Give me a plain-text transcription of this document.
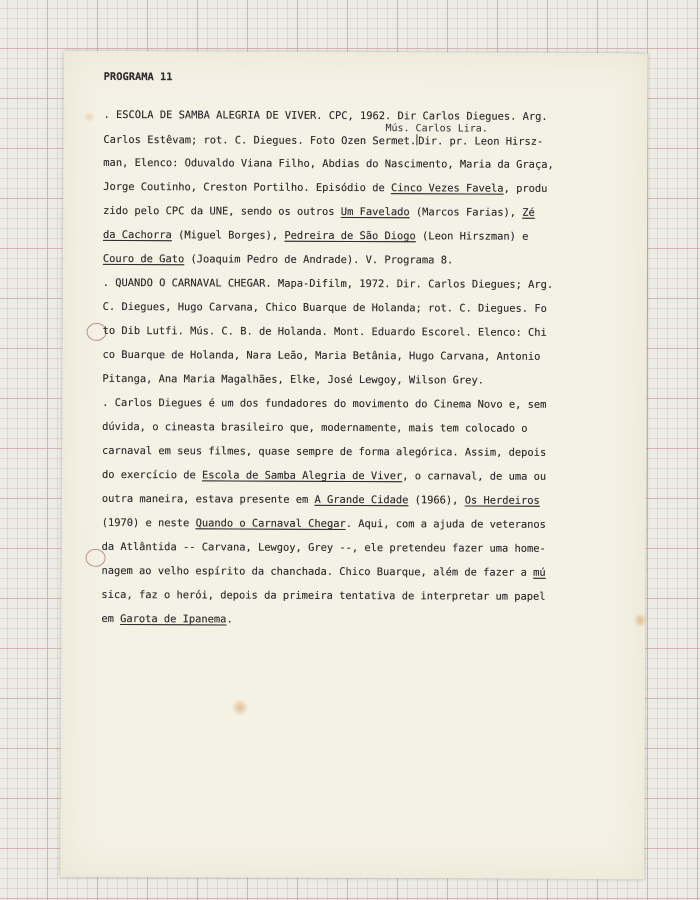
PROGRAMA 11
. ESCOLA DE SAMBA ALEGRIA DE VIVER. CPC, 1962. Dir Carlos Diegues. Arg.
Mús. Carlos Lira.
Carlos Estêvam; rot. C. Diegues. Foto Ozen Sermet. Dir. pr. Leon Hirsz-
man, Elenco: Oduvaldo Viana Filho, Abdias do Nascimento, Maria da Graça,
Jorge Coutinho, Creston Portilho. Episódio de Cinco Vezes Favela, produ
zido pelo CPC da UNE, sendo os outros Um Favelado (Marcos Farias), Zé
da Cachorra (Miguel Borges), Pedreira de São Diogo (Leon Hirszman) e
Couro de Gato (Joaquim Pedro de Andrade). V. Programa 8.
. QUANDO O CARNAVAL CHEGAR. Mapa-Difilm, 1972. Dir. Carlos Diegues; Arg.
C. Diegues, Hugo Carvana, Chico Buarque de Holanda; rot. C. Diegues. Fo
to Dib Lutfi. Mús. C. B. de Holanda. Mont. Eduardo Escorel. Elenco: Chi
co Buarque de Holanda, Nara Leão, Maria Betânia, Hugo Carvana, Antonio
Pitanga, Ana Maria Magalhães, Elke, José Lewgoy, Wilson Grey.
. Carlos Diegues é um dos fundadores do movimento do Cinema Novo e, sem
dúvida, o cineasta brasileiro que, modernamente, mais tem colocado o
carnaval em seus filmes, quase sempre de forma alegórica. Assim, depois
do exercício de Escola de Samba Alegria de Viver, o carnaval, de uma ou
outra maneira, estava presente em A Grande Cidade (1966), Os Herdeiros
(1970) e neste Quando o Carnaval Chegar. Aqui, com a ajuda de veteranos
da Atlântida -- Carvana, Lewgoy, Grey --, ele pretendeu fazer uma home-
nagem ao velho espírito da chanchada. Chico Buarque, além de fazer a mú
sica, faz o herói, depois da primeira tentativa de interpretar um papel
em Garota de Ipanema.
